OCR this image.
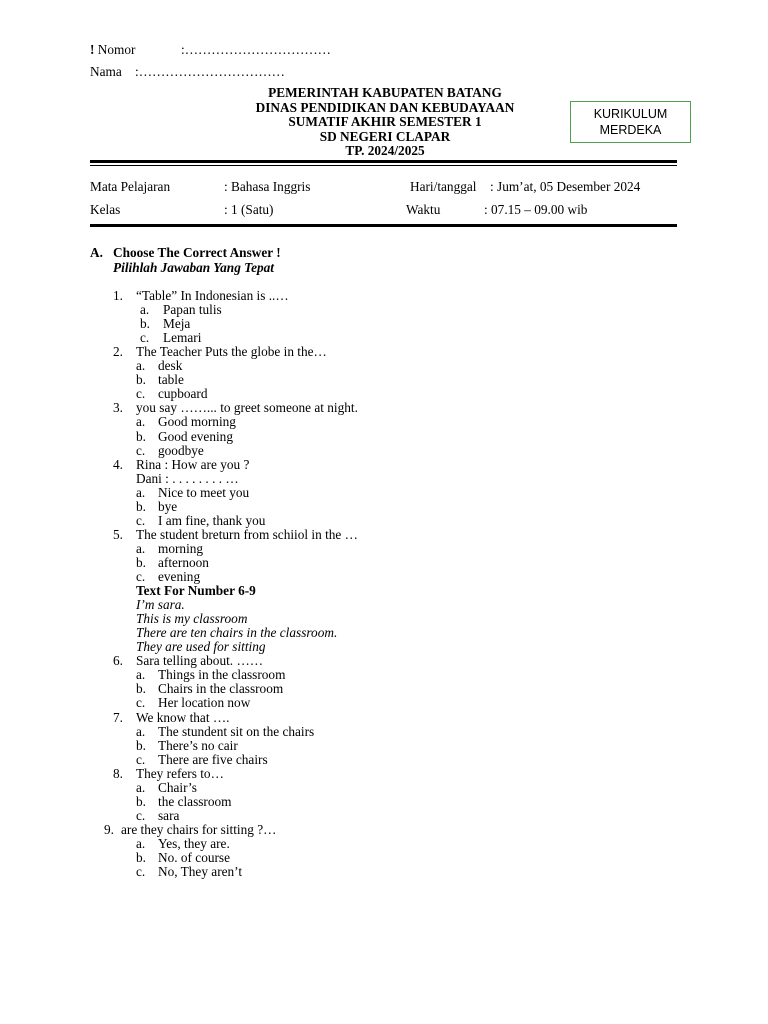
! Nomor	:……………………………
Nama :……………………………
PEMERINTAH KABUPATEN BATANG
DINAS PENDIDIKAN DAN KEBUDAYAAN
SUMATIF AKHIR SEMESTER 1
SD NEGERI CLAPAR
TP. 2024/2025
KURIKULUM
MERDEKA
Mata Pelajaran	: Bahasa Inggris	Hari/tanggal : Jum’at, 05 Desember 2024
Kelas	: 1 (Satu)	Waktu	: 07.15 – 09.00 wib
A. Choose The Correct Answer !
Pilihlah Jawaban Yang Tepat
1. “Table” In Indonesian is ..…
a. Papan tulis
b. Meja
c. Lemari
2. The Teacher Puts the globe in the…
a. desk
b. table
c. cupboard
3. you say ……... to greet someone at night.
a. Good morning
b. Good evening
c. goodbye
4. Rina : How are you ?
Dani : . . . . . . . . …
a. Nice to meet you
b. bye
c. I am fine, thank you
5. The student breturn from schiiol in the …
a. morning
b. afternoon
c. evening
Text For Number 6-9
I’m sara.
This is my classroom
There are ten chairs in the classroom.
They are used for sitting
6. Sara telling about. ……
a. Things in the classroom
b. Chairs in the classroom
c. Her location now
7. We know that ….
a. The stundent sit on the chairs
b. There’s no cair
c. There are five chairs
8. They refers to…
a. Chair’s
b. the classroom
c. sara
9. are they chairs for sitting ?…
a. Yes, they are.
b. No. of course
c. No, They aren’t
